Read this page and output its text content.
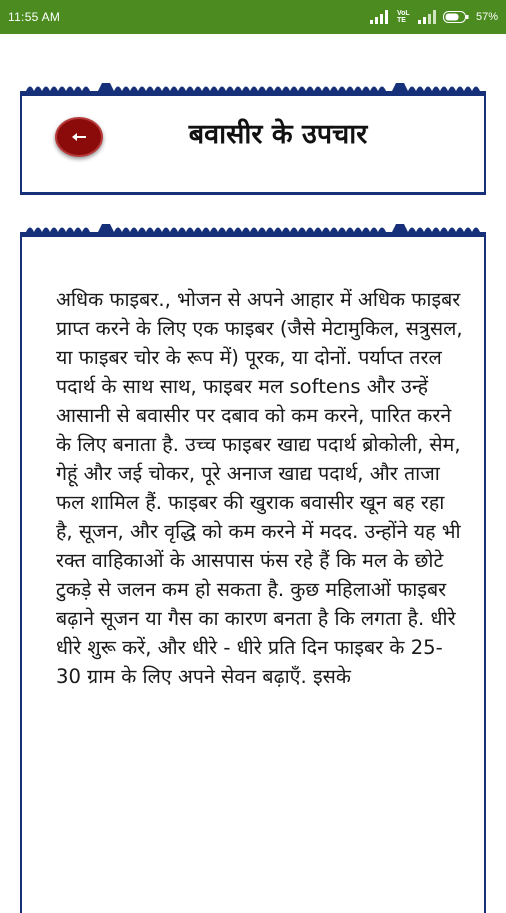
11:55 AM	VoLTE	57%
बवासीर के उपचार

अधिक फाइबर., भोजन से अपने आहार में अधिक फाइबर प्राप्त करने के लिए एक फाइबर (जैसे मेटामुकिल, सत्रुसल, या फाइबर चोर के रूप में) पूरक, या दोनों. पर्याप्त तरल पदार्थ के साथ साथ, फाइबर मल softens और उन्हें आसानी से बवासीर पर दबाव को कम करने, पारित करने के लिए बनाता है. उच्च फाइबर खाद्य पदार्थ ब्रोकोली, सेम, गेहूं और जई चोकर, पूरे अनाज खाद्य पदार्थ, और ताजा फल शामिल हैं. फाइबर की खुराक बवासीर खून बह रहा है, सूजन, और वृद्धि को कम करने में मदद. उन्होंने यह भी रक्त वाहिकाओं के आसपास फंस रहे हैं कि मल के छोटे टुकड़े से जलन कम हो सकता है. कुछ महिलाओं फाइबर बढ़ाने सूजन या गैस का कारण बनता है कि लगता है. धीरे धीरे शुरू करें, और धीरे - धीरे प्रति दिन फाइबर के 25-30 ग्राम के लिए अपने सेवन बढ़ाएँ. इसके
